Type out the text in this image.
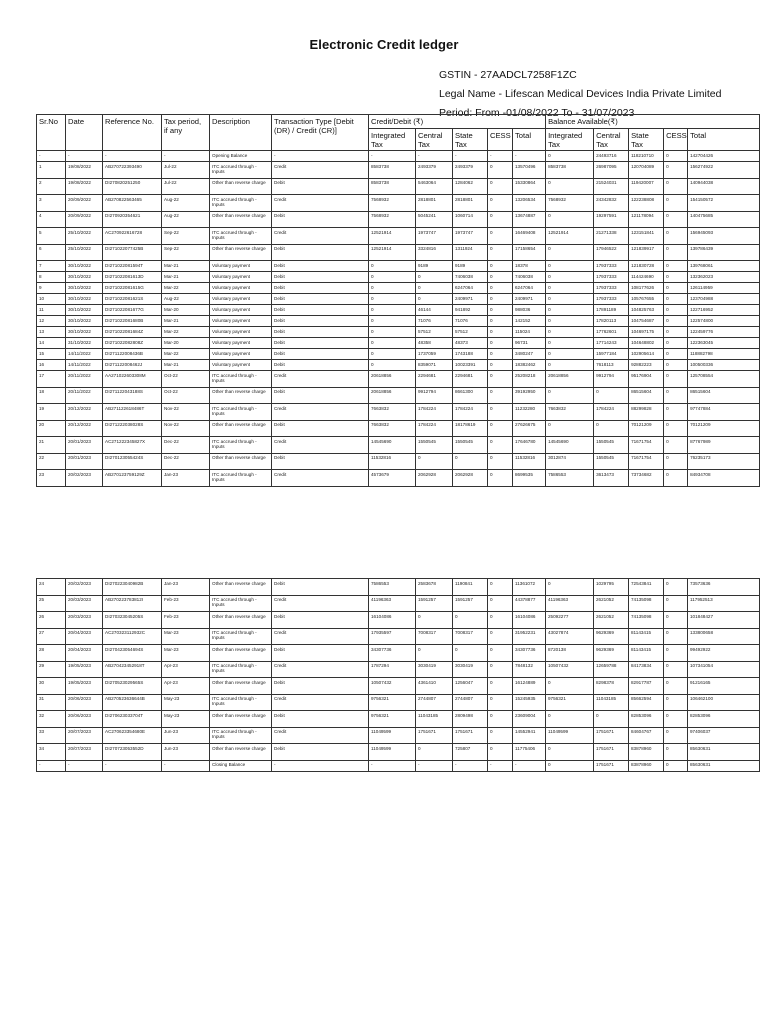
Electronic Credit ledger
GSTIN - 27AADCL7258F1ZC
Legal Name - Lifescan Medical Devices India Private Limited
Period: From -01/08/2022 To - 31/07/2023
Sr.No	Date	Reference No.	Tax period, if any	Description	Transaction Type [Debit (DR) / Credit (CR)]	Credit/Debit (₹)					Balance Available(₹)				
						Integrated Tax	Central Tax	State Tax	CESS	Total	Integrated Tax	Central Tax	State Tax	CESS	Total
-	-	-	-	Opening Balance	-	-	-	-	-	-	0	24493716	118210710	0	142704426
1	19/08/2022	AB270722393490	Jul-22	ITC accrued through - Inputs	Credit	8583738	2493379	2493379	0	13570496	8583738	26987095	120704089	0	156274922
2	19/08/2022	DI270820251250	Jul-22	Other than reverse charge	Debit	8583738	5463064	1284062	0	15330864	0	21524031	119420007	0	140944038
3	20/09/2022	AB270822563465	Aug-22	ITC accrued through - Inputs	Credit	7568932	2818801	2818801	0	13206534	7568932	24342832	122238808	0	154150572
4	20/09/2022	DI270920354621	Aug-22	Other than reverse charge	Debit	7568932	5045241	1060714	0	13674887	0	19297591	121178094	0	140475685
5	25/10/2022	AC270922616728	Sep-22	ITC accrued through - Inputs	Credit	12521914	1973747	1973747	0	16469408	12521914	21271338	123151841	0	156945093
6	25/10/2022	DI271022077425B	Sep-22	Other than reverse charge	Debit	12521914	3324816	1311924	0	17158654	0	17946522	121839917	0	139786439
7	30/10/2022	DI271022081594T	Mar-21	Voluntary payment	Debit	0	9189	9189	0	18378	0	17937333	121830728	0	139768061
8	30/10/2022	DI271022081613D	Mar-21	Voluntary payment	Debit	0	0	7406038	0	7406038	0	17937333	114424690	0	132362023
9	30/10/2022	DI271022081615G	Mar-22	Voluntary payment	Debit	0	0	6247064	0	6247064	0	17937333	108177626	0	126114959
10	30/10/2022	DI271022081621S	Aug-22	Voluntary payment	Debit	0	0	2409971	0	2409971	0	17937333	105767655	0	123704988
11	30/10/2022	DI271022081677G	Mar-20	Voluntary payment	Debit	0	46144	941892	0	988036	0	17891189	104825763	0	122716952
12	30/10/2022	DI271022081680B	Mar-21	Voluntary payment	Debit	0	71076	71076	0	142152	0	17820113	104754687	0	122574800
13	30/10/2022	DI271022081684Z	Mar-22	Voluntary payment	Debit	0	57512	57512	0	115024	0	17762601	104697175	0	122459776
14	31/10/2022	DI271022082808Z	Mar-20	Voluntary payment	Debit	0	48358	48373	0	96731	0	17714243	104648802	0	122363045
15	14/11/2022	DI271122008436B	Mar-22	Voluntary payment	Debit	0	1737059	1743188	0	3480247	0	15977184	102905614	0	118882798
16	14/11/2022	DI271122008462J	Mar-21	Voluntary payment	Debit	0	8359071	10023391	0	18382462	0	7618113	92882223	0	100500336
17	20/11/2022	AA271022603308M	Oct-22	ITC accrued through - Inputs	Credit	20618856	2294681	2294681	0	25208218	20618856	9912794	95176904	0	125708554
18	20/11/2022	DI271122043188S	Oct-22	Other than reverse charge	Debit	20618856	9912794	8661300	0	39192950	0	0	86515604	0	86515604
19	20/12/2022	AB271122618486T	Nov-22	ITC accrued through - Inputs	Credit	7663832	1784224	1784224	0	11232280	7663832	1784224	88299828	0	97747884
20	20/12/2022	DI271222038028S	Nov-22	Other than reverse charge	Debit	7663832	1784224	18178619	0	27626675	0	0	70121209	0	70121209
21	20/01/2023	AC271222345827X	Dec-22	ITC accrued through - Inputs	Credit	14545690	1550545	1550545	0	17646780	14545690	1550545	71671754	0	87767989
22	20/01/2023	DI270123055424S	Dec-22	Other than reverse charge	Debit	11532816	0	0	0	11532816	3012874	1550545	71671754	0	76235173
23	20/02/2023	AB270123759129Z	Jan-23	ITC accrued through - Inputs	Credit	4573679	2062928	2062928	0	8699535	7586553	3613473	73734682	0	84934708
24	20/02/2023	DI270223040982B	Jan-23	Other than reverse charge	Debit	7586553	2583678	1190841	0	11361072	0	1029795	72543841	0	73573636
25	20/03/2023	AB270223783812I	Feb-23	ITC accrued through - Inputs	Credit	41196363	1591257	1591257	0	44378877	41196363	2621052	74135098	0	117952513
26	20/03/2023	DI270323045205S	Feb-23	Other than reverse charge	Debit	16104086	0	0	0	16104086	25092277	2621052	74135098	0	101848427
27	20/04/2023	AC270323112932C	Mar-23	ITC accrued through - Inputs	Credit	17935597	7008317	7008317	0	31952231	43027874	9629369	81143415	0	133800658
28	20/04/2023	DI270423054694S	Mar-23	Other than reverse charge	Debit	34307736	0	0	0	34307736	8720138	9629369	81143415	0	99492922
29	19/05/2023	AB270423452918T	Apr-23	ITC accrued through - Inputs	Credit	1787294	3030419	3030419	0	7848132	10507432	12659788	84173834	0	107341054
30	19/05/2023	DI270523029565S	Apr-23	Other than reverse charge	Debit	10507432	4361410	1256047	0	16124889	0	8298378	82917787	0	91216165
31	20/06/2023	AB270523636644B	May-23	ITC accrued through - Inputs	Credit	9756321	2744807	2744807	0	15245935	9756321	11043185	85662594	0	106462100
32	20/06/2023	DI270623033704T	May-23	Other than reverse charge	Debit	9756321	11043185	2809498	0	23609004	0	0	82853096	0	82853096
33	20/07/2023	AC270623354680E	Jun-23	ITC accrued through - Inputs	Credit	11049599	1751671	1751671	0	14552941	11049599	1751671	84604767	0	97406037
34	20/07/2023	DI270723053552D	Jun-23	Other than reverse charge	Debit	11049599	0	725807	0	11775406	0	1751671	83878960	0	85630631
-	-	-	-	Closing Balance	-	-	-	-	-	-	0	1751671	83878960	0	85630631
